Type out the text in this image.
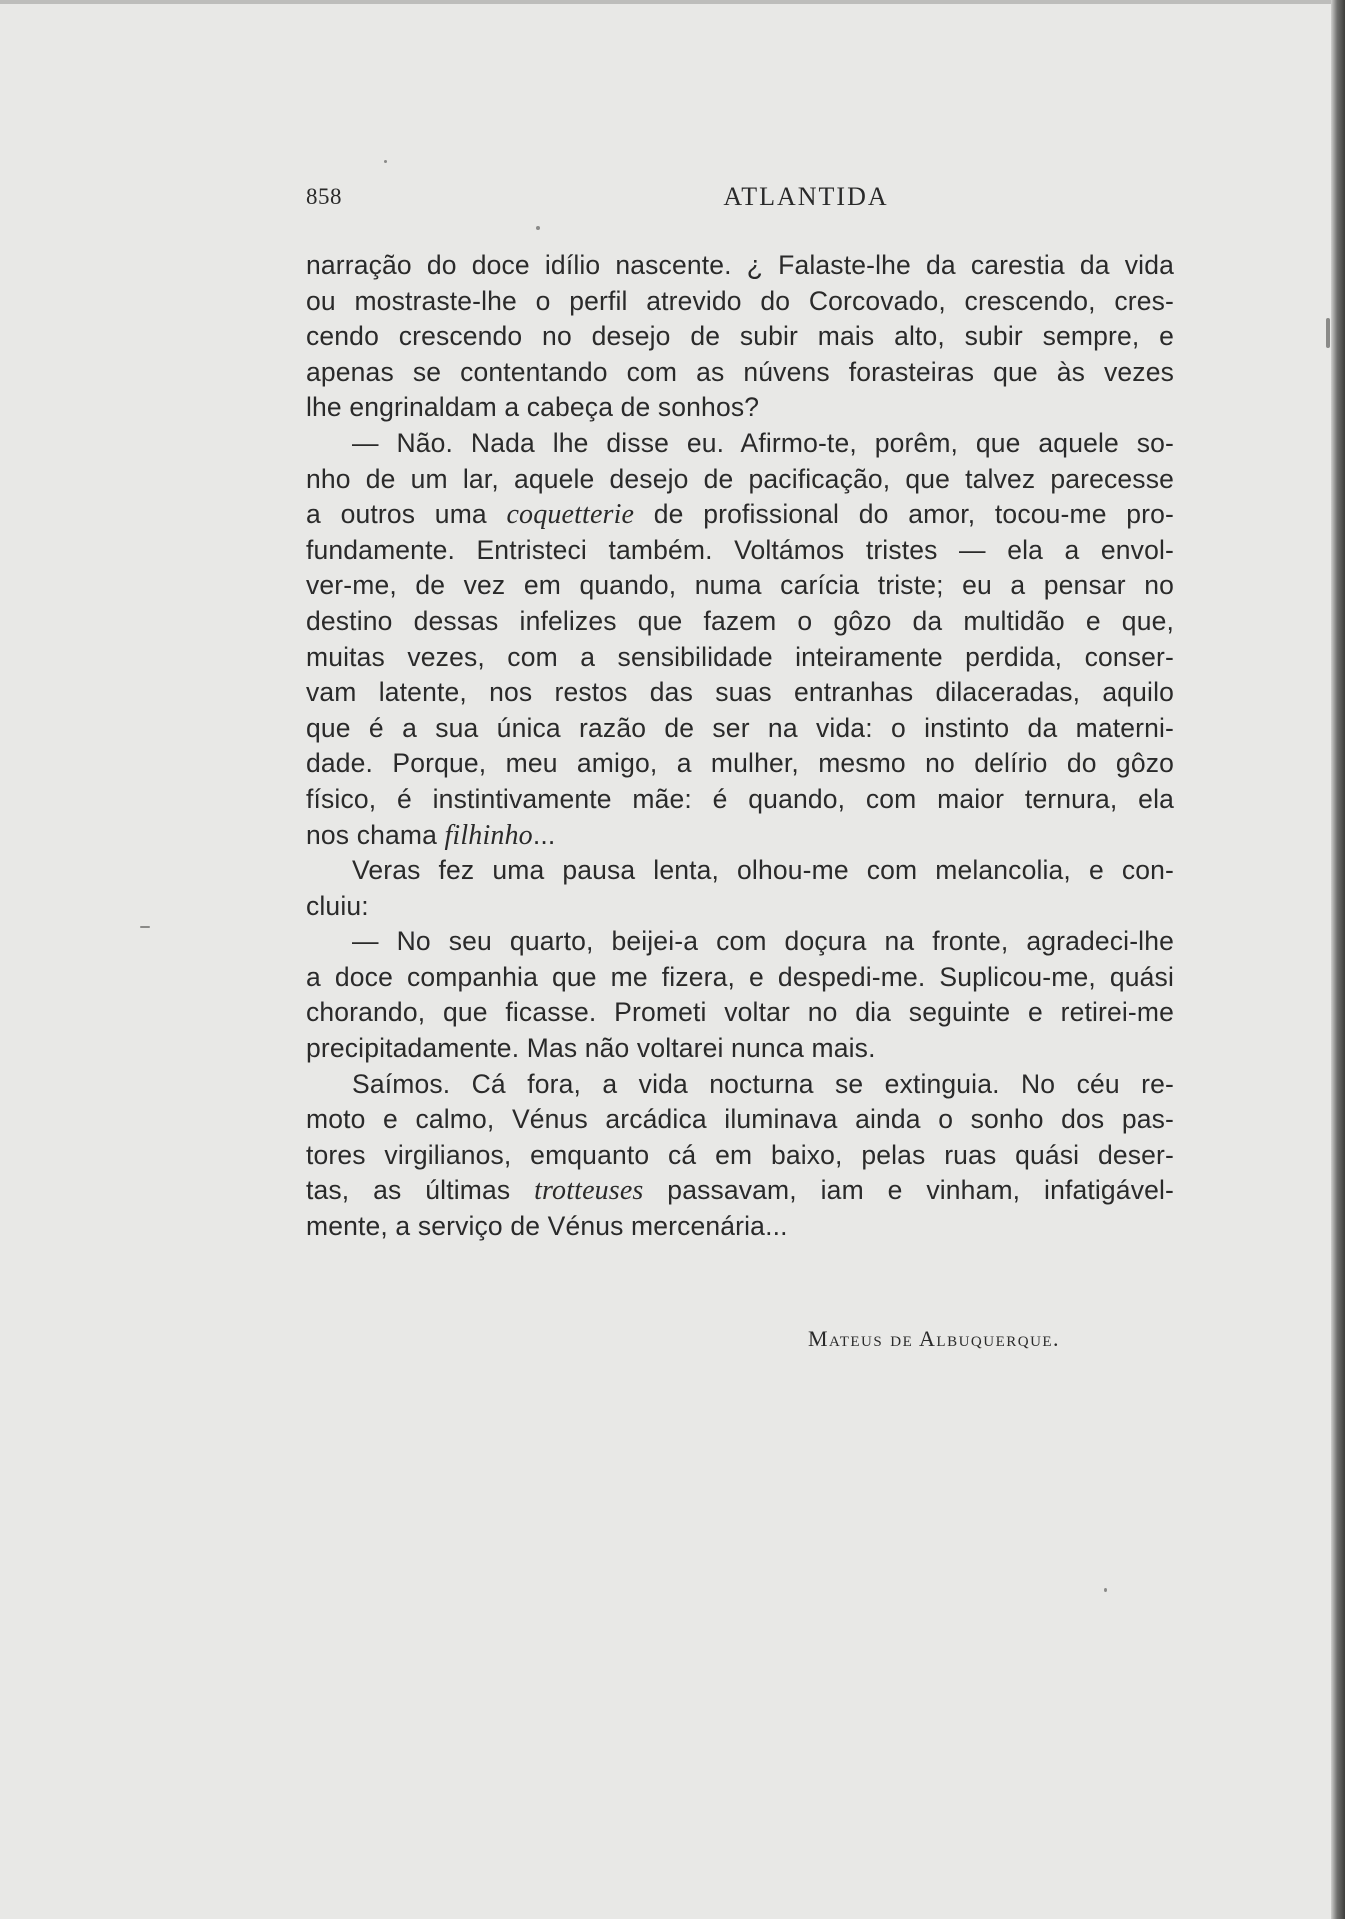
858	ATLANTIDA

narração do doce idílio nascente. ¿ Falaste-lhe da carestia da vida
ou mostraste-lhe o perfil atrevido do Corcovado, crescendo, cres-
cendo crescendo no desejo de subir mais alto, subir sempre, e
apenas se contentando com as núvens forasteiras que às vezes

lhe engrinaldam a cabeça de sonhos?

— Não. Nada lhe disse eu. Afirmo-te, porêm, que aquele so-
nho de um lar, aquele desejo de pacificação, que talvez parecesse
a outros uma coquetterie de profissional do amor, tocou-me pro-
fundamente. Entristeci também. Voltámos tristes — ela a envol-
ver-me, de vez em quando, numa carícia triste; eu a pensar no
destino dessas infelizes que fazem o gôzo da multidão e que,
muitas vezes, com a sensibilidade inteiramente perdida, conser-
vam latente, nos restos das suas entranhas dilaceradas, aquilo
que é a sua única razão de ser na vida: o instinto da materni-
dade. Porque, meu amigo, a mulher, mesmo no delírio do gôzo
físico, é instintivamente mãe: é quando, com maior ternura, ela

nos chama filhinho...

Veras fez uma pausa lenta, olhou-me com melancolia, e con-

cluiu:

— No seu quarto, beijei-a com doçura na fronte, agradeci-lhe
a doce companhia que me fizera, e despedi-me. Suplicou-me, quási
chorando, que ficasse. Prometi voltar no dia seguinte e retirei-me

precipitadamente. Mas não voltarei nunca mais.

Saímos. Cá fora, a vida nocturna se extinguia. No céu re-
moto e calmo, Vénus arcádica iluminava ainda o sonho dos pas-
tores virgilianos, emquanto cá em baixo, pelas ruas quási deser-
tas, as últimas trotteuses passavam, iam e vinham, infatigável-

mente, a serviço de Vénus mercenária...

Mateus de Albuquerque.
